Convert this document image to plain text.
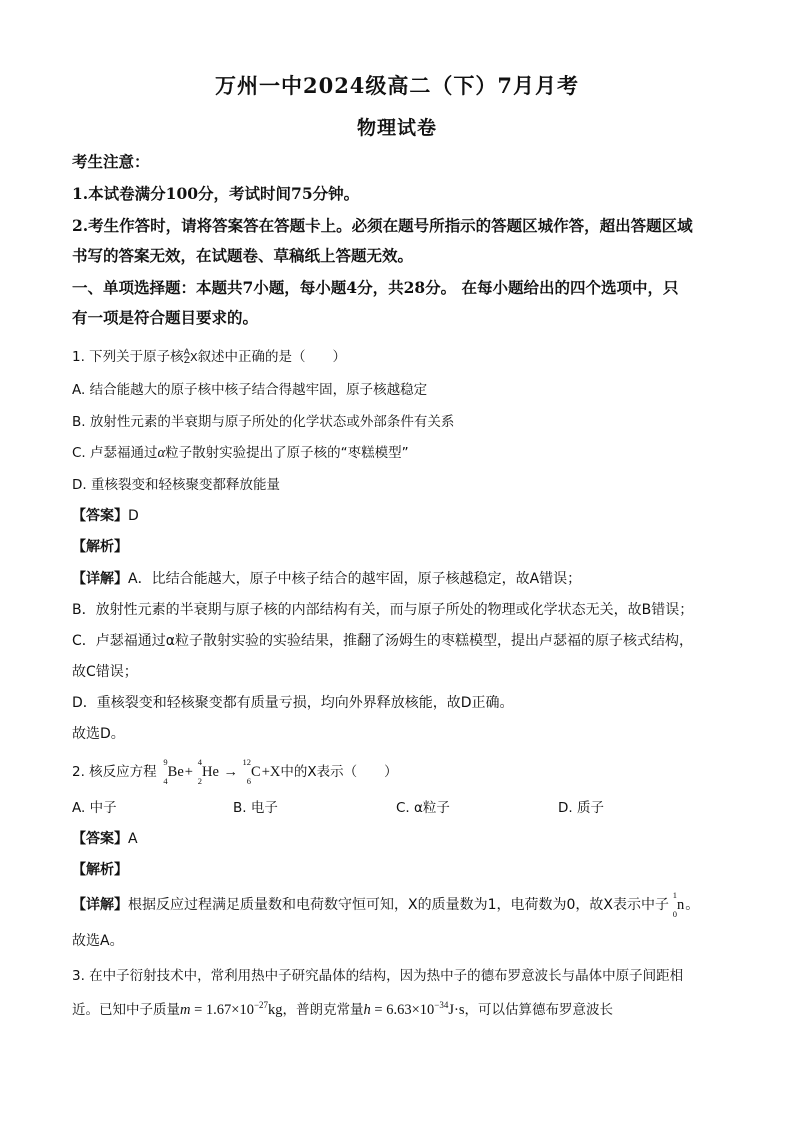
万州一中2024级高二（下）7月月考
物理试卷
考生注意：
1.本试卷满分100分，考试时间75分钟。
2.考生作答时，请将答案答在答题卡上。必须在题号所指示的答题区城作答，超出答题区域
书写的答案无效，在试题卷、草稿纸上答题无效。
一、单项选择题：本题共7小题，每小题4分，共28分。 在每小题给出的四个选项中，只
有一项是符合题目要求的。
1. 下列关于原子核$^A$ZX叙述中正确的是（　　）
A. 结合能越大的原子核中核子结合得越牢固，原子核越稳定
B. 放射性元素的半衰期与原子所处的化学状态或外部条件有关系
C. 卢瑟福通过α粒子散射实验提出了原子核的“枣糕模型”
D. 重核裂变和轻核聚变都释放能量
【答案】D
【解析】
【详解】A．比结合能越大，原子中核子结合的越牢固，原子核越稳定，故A错误；
B．放射性元素的半衰期与原子核的内部结构有关，而与原子所处的物理或化学状态无关，故B错误；
C．卢瑟福通过α粒子散射实验的实验结果，推翻了汤姆生的枣糕模型，提出卢瑟福的原子核式结构，
故C错误；
D．重核裂变和轻核聚变都有质量亏损，均向外界释放核能，故D正确。
故选D。
2. 核反应方程
9
4
Be+
4
2
He →
12
6
C+X中的X表示（　　）
A. 中子	B. 电子	C. α粒子	D. 质子
【答案】A
【解析】
【详解】根据反应过程满足质量数和电荷数守恒可知，X的质量数为1，电荷数为0，故X表示中子
1
0
n。
故选A。
3. 在中子衍射技术中，常利用热中子研究晶体的结构，因为热中子的德布罗意波长与晶体中原子间距相
近。已知中子质量$m = 1.67\times 10^{-27}kg$，普朗克常量$h = 6.63\times 10^{-34}J\cdot s$，可以估算德布罗意波长
